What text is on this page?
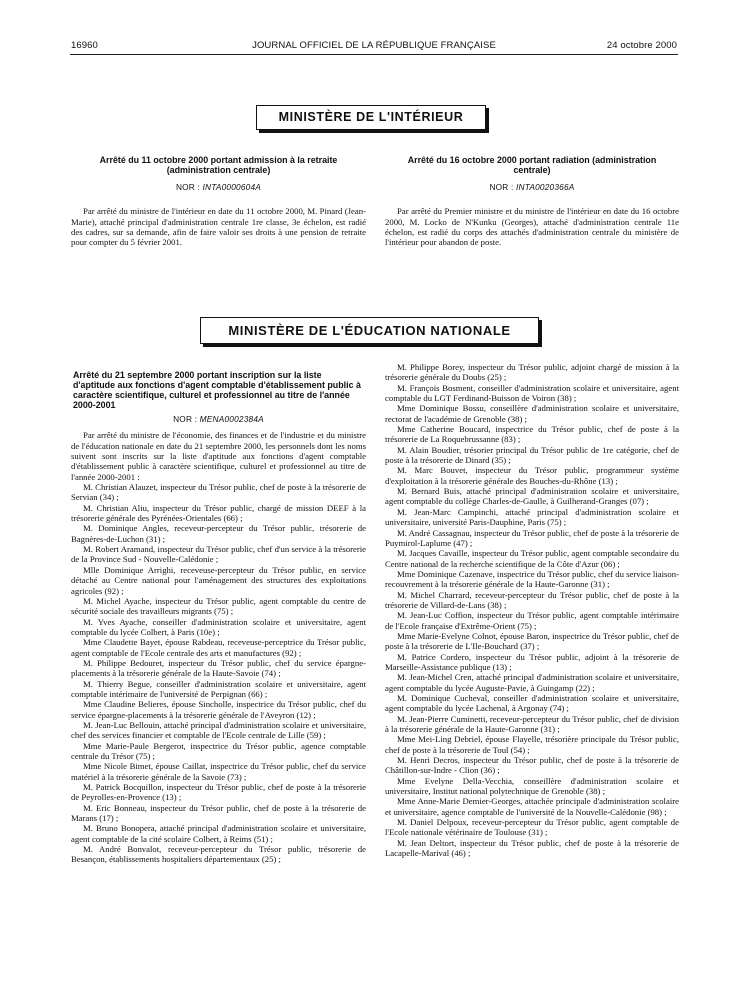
16960	JOURNAL OFFICIEL DE LA RÉPUBLIQUE FRANÇAISE	24 octobre 2000
MINISTÈRE DE L'INTÉRIEUR
Arrêté du 11 octobre 2000 portant admission à la retraite (administration centrale)
NOR : INTA0000604A

Par arrêté du ministre de l'intérieur en date du 11 octobre 2000, M. Pinard (Jean-Marie), attaché principal d'administration centrale 1re classe, 3e échelon, est radié des cadres, sur sa demande, afin de faire valoir ses droits à une pension de retraite pour compter du 5 février 2001.

Arrêté du 16 octobre 2000 portant radiation (administration centrale)
NOR : INTA0020366A

Par arrêté du Premier ministre et du ministre de l'intérieur en date du 16 octobre 2000, M. Locko de N'Kunku (Georges), attaché d'administration centrale 11e échelon, est radié du corps des attachés d'administration centrale du ministère de l'intérieur pour abandon de poste.

MINISTÈRE DE L'ÉDUCATION NATIONALE
Arrêté du 21 septembre 2000 portant inscription sur la liste d'aptitude aux fonctions d'agent comptable d'établissement public à caractère scientifique, culturel et professionnel au titre de l'année 2000-2001
NOR : MENA0002384A

Par arrêté du ministre de l'économie, des finances et de l'industrie et du ministre de l'éducation nationale en date du 21 septembre 2000, les personnels dont les noms suivent sont inscrits sur la liste d'aptitude aux fonctions d'agent comptable d'établissement public à caractère scientifique, culturel et professionnel au titre de l'année 2000-2001 :

M. Christian Alauzet, inspecteur du Trésor public, chef de poste à la trésorerie de Servian (34) ;

M. Christian Aliu, inspecteur du Trésor public, chargé de mission DEEF à la trésorerie générale des Pyrénées-Orientales (66) ;

M. Dominique Angles, receveur-percepteur du Trésor public, trésorerie de Bagnères-de-Luchon (31) ;

M. Robert Aramand, inspecteur du Trésor public, chef d'un service à la trésorerie de la Province Sud - Nouvelle-Calédonie ;

Mlle Dominique Arrighi, receveuse-percepteur du Trésor public, en service détaché au Centre national pour l'aménagement des structures des exploitations agricoles (92) ;

M. Michel Ayache, inspecteur du Trésor public, agent comptable du centre de sécurité sociale des travailleurs migrants (75) ;

M. Yves Ayache, conseiller d'administration scolaire et universitaire, agent comptable du lycée Colbert, à Paris (10e) ;

Mme Claudette Bayet, épouse Rabdeau, receveuse-perceptrice du Trésor public, agent comptable de l'Ecole centrale des arts et manufactures (92) ;

M. Philippe Bedouret, inspecteur du Trésor public, chef du service épargne-placements à la trésorerie générale de la Haute-Savoie (74) ;

M. Thierry Begue, conseiller d'administration scolaire et universitaire, agent comptable intérimaire de l'université de Perpignan (66) ;

Mme Claudine Belieres, épouse Sincholle, inspectrice du Trésor public, chef du service épargne-placements à la trésorerie générale de l'Aveyron (12) ;

M. Jean-Luc Bellouin, attaché principal d'administration scolaire et universitaire, chef des services financier et comptable de l'Ecole centrale de Lille (59) ;

Mme Marie-Paule Bergerot, inspectrice du Trésor public, agence comptable centrale du Trésor (75) ;

Mme Nicole Bimet, épouse Caillat, inspectrice du Trésor public, chef du service matériel à la trésorerie générale de la Savoie (73) ;

M. Patrick Bocquillon, inspecteur du Trésor public, chef de poste à la trésorerie de Peyrolles-en-Provence (13) ;

M. Eric Bonneau, inspecteur du Trésor public, chef de poste à la trésorerie de Marans (17) ;

M. Bruno Bonopera, attaché principal d'administration scolaire et universitaire, agent comptable de la cité scolaire Colbert, à Reims (51) ;

M. André Bonvalot, receveur-percepteur du Trésor public, trésorerie de Besançon, établissements hospitaliers départementaux (25) ;

M. Philippe Borey, inspecteur du Trésor public, adjoint chargé de mission à la trésorerie générale du Doubs (25) ;

M. François Bosment, conseiller d'administration scolaire et universitaire, agent comptable du LGT Ferdinand-Buisson de Voiron (38) ;

Mme Dominique Bossu, conseillère d'administration scolaire et universitaire, rectorat de l'académie de Grenoble (38) ;

Mme Catherine Boucard, inspectrice du Trésor public, chef de poste à la trésorerie de La Roquebrussanne (83) ;

M. Alain Boudier, trésorier principal du Trésor public de 1re catégorie, chef de poste à la trésorerie de Dinard (35) ;

M. Marc Bouvet, inspecteur du Trésor public, programmeur système d'exploitation à la trésorerie générale des Bouches-du-Rhône (13) ;

M. Bernard Buis, attaché principal d'administration scolaire et universitaire, agent comptable du collège Charles-de-Gaulle, à Guilherand-Granges (07) ;

M. Jean-Marc Campinchi, attaché principal d'administration scolaire et universitaire, université Paris-Dauphine, Paris (75) ;

M. André Cassagnau, inspecteur du Trésor public, chef de poste à la trésorerie de Puymirol-Laplume (47) ;

M. Jacques Cavaille, inspecteur du Trésor public, agent comptable secondaire du Centre national de la recherche scientifique de la Côte d'Azur (06) ;

Mme Dominique Cazenave, inspectrice du Trésor public, chef du service liaison-recouvrement à la trésorerie générale de la Haute-Garonne (31) ;

M. Michel Charrard, receveur-percepteur du Trésor public, chef de poste à la trésorerie de Villard-de-Lans (38) ;

M. Jean-Luc Coffion, inspecteur du Trésor public, agent comptable intérimaire de l'Ecole française d'Extrême-Orient (75) ;

Mme Marie-Evelyne Colnot, épouse Baron, inspectrice du Trésor public, chef de poste à la trésorerie de L'Ile-Bouchard (37) ;

M. Patrice Cordero, inspecteur du Trésor public, adjoint à la trésorerie de Marseille-Assistance publique (13) ;

M. Jean-Michel Cren, attaché principal d'administration scolaire et universitaire, agent comptable du lycée Auguste-Pavie, à Guingamp (22) ;

M. Dominique Cucheval, conseiller d'administration scolaire et universitaire, agent comptable du lycée Lachenal, à Argonay (74) ;

M. Jean-Pierre Cuminetti, receveur-percepteur du Trésor public, chef de division à la trésorerie générale de la Haute-Garonne (31) ;

Mme Mei-Ling Debriel, épouse Flayelle, trésorière principale du Trésor public, chef de poste à la trésorerie de Toul (54) ;

M. Henri Decros, inspecteur du Trésor public, chef de poste à la trésorerie de Châtillon-sur-Indre - Clion (36) ;

Mme Evelyne Della-Vecchia, conseillère d'administration scolaire et universitaire, Institut national polytechnique de Grenoble (38) ;

Mme Anne-Marie Demier-Georges, attachée principale d'administration scolaire et universitaire, agence comptable de l'université de la Nouvelle-Calédonie (98) ;

M. Daniel Delpoux, receveur-percepteur du Trésor public, agent comptable de l'Ecole nationale vétérinaire de Toulouse (31) ;

M. Jean Deltort, inspecteur du Trésor public, chef de poste à la trésorerie de Lacapelle-Marival (46) ;
